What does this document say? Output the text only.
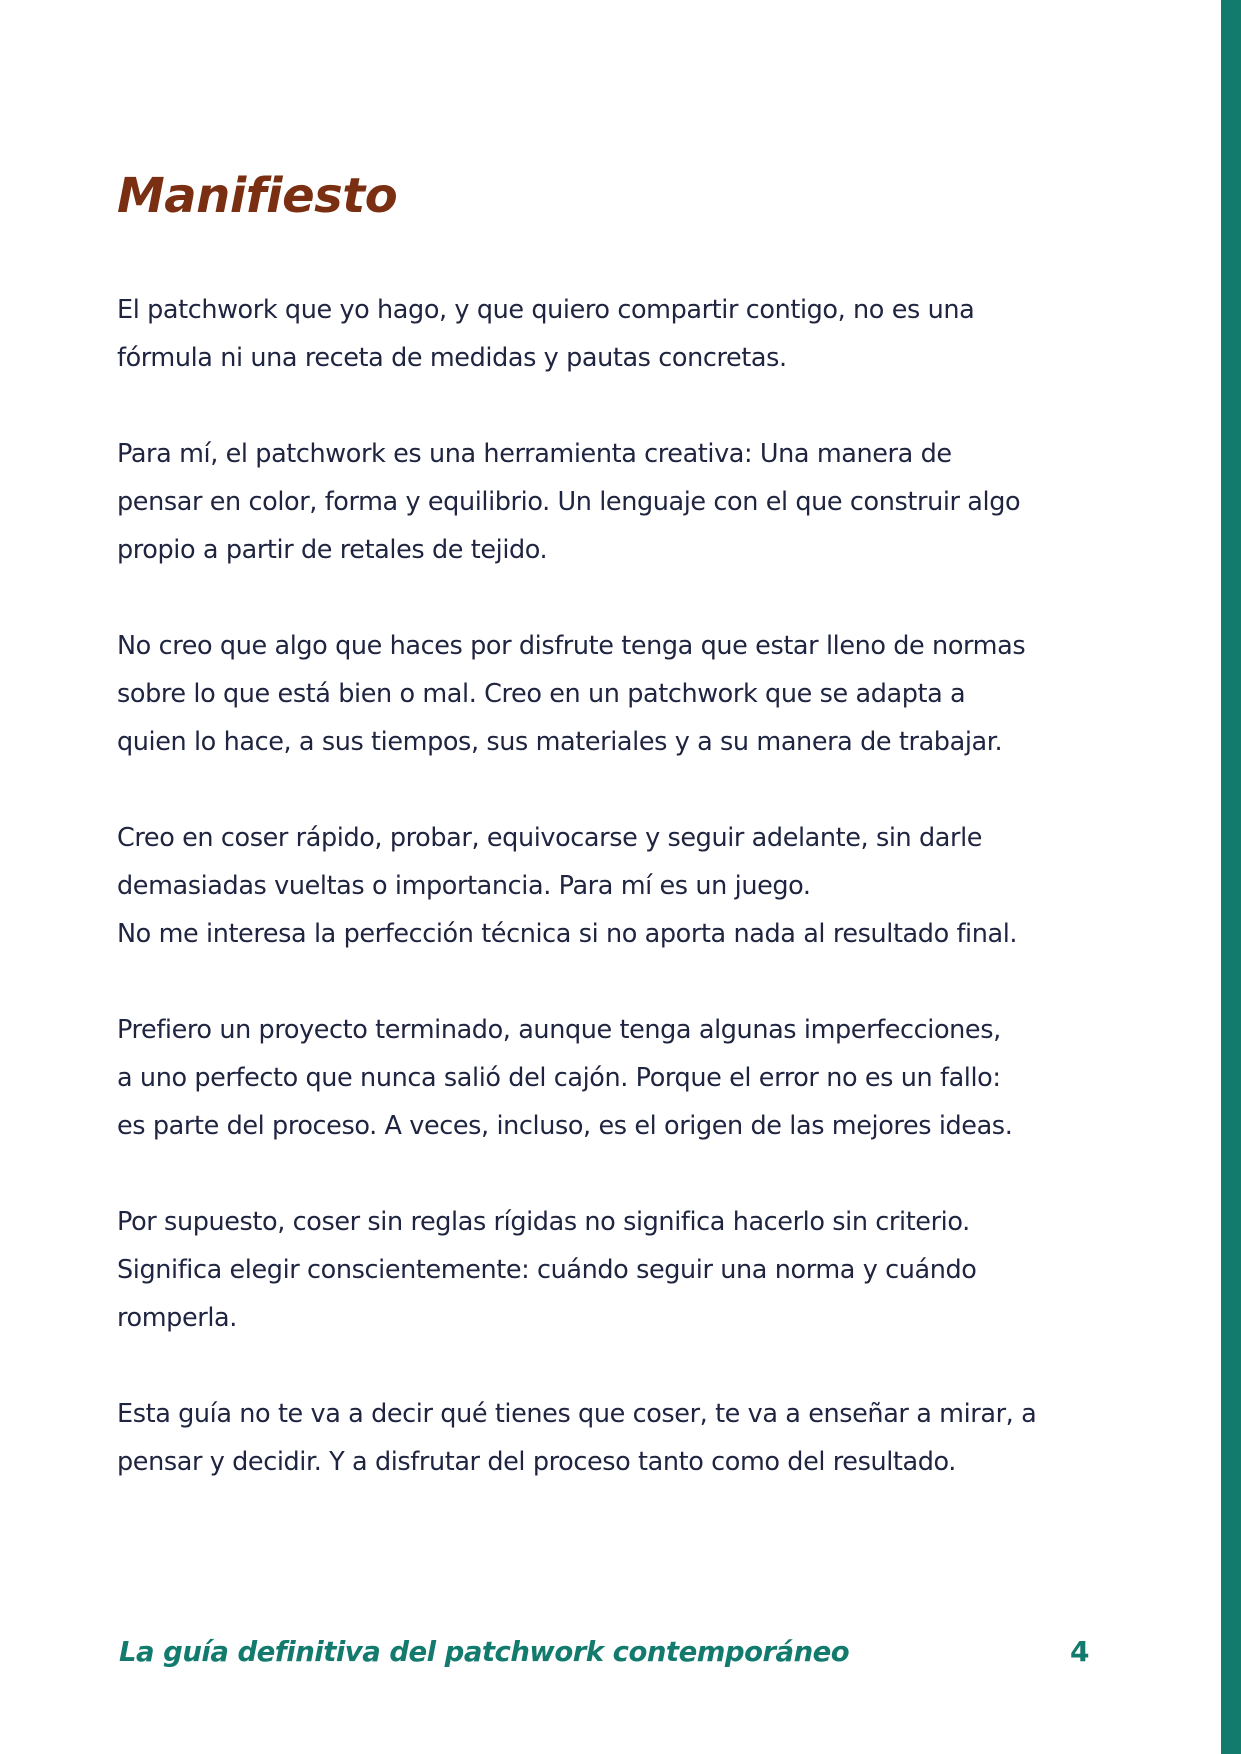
Manifiesto

El patchwork que yo hago, y que quiero compartir contigo, no es una
fórmula ni una receta de medidas y pautas concretas.

Para mí, el patchwork es una herramienta creativa: Una manera de
pensar en color, forma y equilibrio. Un lenguaje con el que construir algo
propio a partir de retales de tejido.

No creo que algo que haces por disfrute tenga que estar lleno de normas
sobre lo que está bien o mal. Creo en un patchwork que se adapta a
quien lo hace, a sus tiempos, sus materiales y a su manera de trabajar.

Creo en coser rápido, probar, equivocarse y seguir adelante, sin darle
demasiadas vueltas o importancia. Para mí es un juego.
No me interesa la perfección técnica si no aporta nada al resultado final.

Prefiero un proyecto terminado, aunque tenga algunas imperfecciones,
a uno perfecto que nunca salió del cajón. Porque el error no es un fallo:
es parte del proceso. A veces, incluso, es el origen de las mejores ideas.

Por supuesto, coser sin reglas rígidas no significa hacerlo sin criterio.
Significa elegir conscientemente: cuándo seguir una norma y cuándo
romperla.

Esta guía no te va a decir qué tienes que coser, te va a enseñar a mirar, a
pensar y decidir. Y a disfrutar del proceso tanto como del resultado.

La guía definitiva del patchwork contemporáneo	4
